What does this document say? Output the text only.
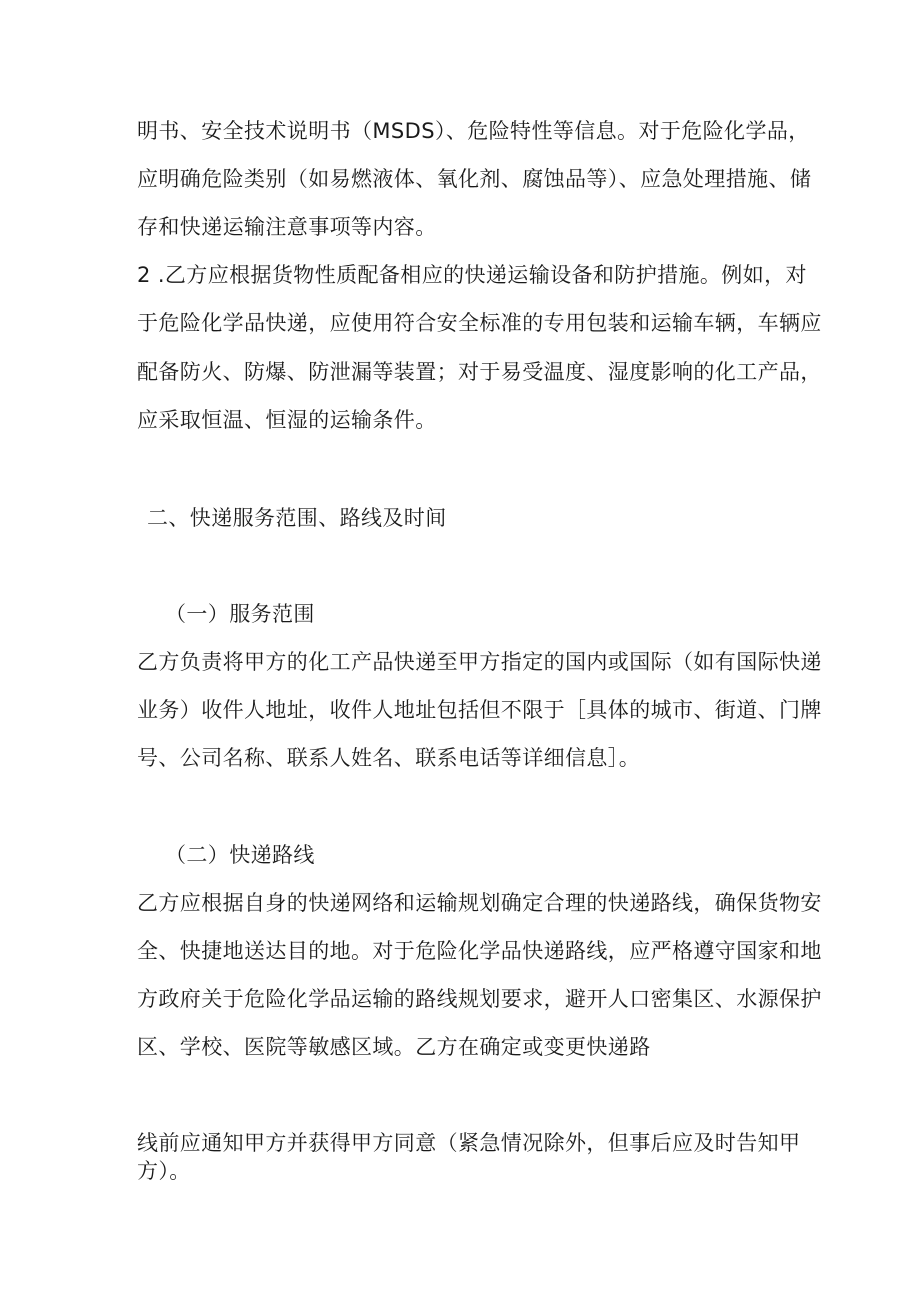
明书、安全技术说明书（MSDS）、危险特性等信息。对于危险化学品，
应明确危险类别（如易燃液体、氧化剂、腐蚀品等）、应急处理措施、储
存和快递运输注意事项等内容。
2 .乙方应根据货物性质配备相应的快递运输设备和防护措施。例如，对
于危险化学品快递，应使用符合安全标准的专用包装和运输车辆，车辆应
配备防火、防爆、防泄漏等装置；对于易受温度、湿度影响的化工产品，
应采取恒温、恒湿的运输条件。
二、快递服务范围、路线及时间
（一）服务范围
乙方负责将甲方的化工产品快递至甲方指定的国内或国际（如有国际快递
业务）收件人地址，收件人地址包括但不限于［具体的城市、街道、门牌
号、公司名称、联系人姓名、联系电话等详细信息］。
（二）快递路线
乙方应根据自身的快递网络和运输规划确定合理的快递路线，确保货物安
全、快捷地送达目的地。对于危险化学品快递路线，应严格遵守国家和地
方政府关于危险化学品运输的路线规划要求，避开人口密集区、水源保护
区、学校、医院等敏感区域。乙方在确定或变更快递路
线前应通知甲方并获得甲方同意（紧急情况除外，但事后应及时告知甲
方）。
